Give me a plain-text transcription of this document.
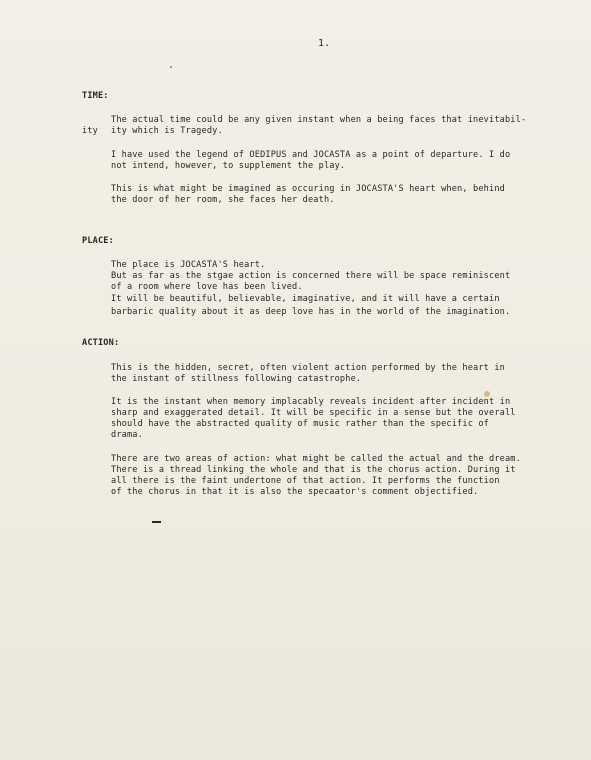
1.
TIME:
The actual time could be any given instant when a being faces that inevitabil-
ity ity which is Tragedy.
I have used the legend of OEDIPUS and JOCASTA as a point of departure. I do
not intend, however, to supplement the play.
This is what might be imagined as occuring in JOCASTA'S heart when, behind
the door of her room, she faces her death.
PLACE:
The place is JOCASTA'S heart.
But as far as the stgae action is concerned there will be space reminiscent
of a room where love has been lived.
It will be beautiful, believable, imaginative, and it will have a certain
barbaric quality about it as deep love has in the world of the imagination.
ACTION:
This is the hidden, secret, often violent action performed by the heart in
the instant of stillness following catastrophe.
It is the instant when memory implacably reveals incident after incident in
sharp and exaggerated detail. It will be specific in a sense but the overall
should have the abstracted quality of music rather than the specific of
drama.
There are two areas of action: what might be called the actual and the dream.
There is a thread linking the whole and that is the chorus action. During it
all there is the faint undertone of that action. It performs the function
of the chorus in that it is also the specaator's comment objectified.
